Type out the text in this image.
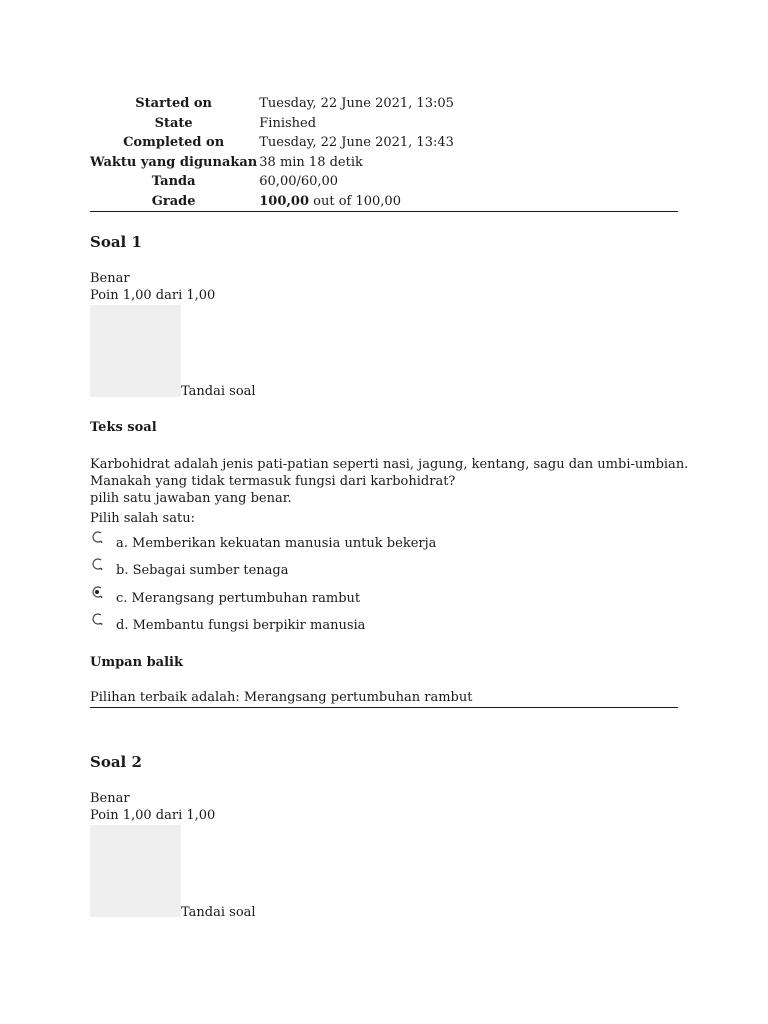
Started on	Tuesday, 22 June 2021, 13:05
State	Finished
Completed on	Tuesday, 22 June 2021, 13:43
Waktu yang digunakan	38 min 18 detik
Tanda	60,00/60,00
Grade	100,00 out of 100,00
Soal 1
Benar
Poin 1,00 dari 1,00
Tandai soal
Teks soal
Karbohidrat adalah jenis pati-patian seperti nasi, jagung, kentang, sagu dan umbi-umbian.
Manakah yang tidak termasuk fungsi dari karbohidrat?
pilih satu jawaban yang benar.
Pilih salah satu:
a. Memberikan kekuatan manusia untuk bekerja
b. Sebagai sumber tenaga
c. Merangsang pertumbuhan rambut
d. Membantu fungsi berpikir manusia
Umpan balik
Pilihan terbaik adalah: Merangsang pertumbuhan rambut
Soal 2
Benar
Poin 1,00 dari 1,00
Tandai soal
